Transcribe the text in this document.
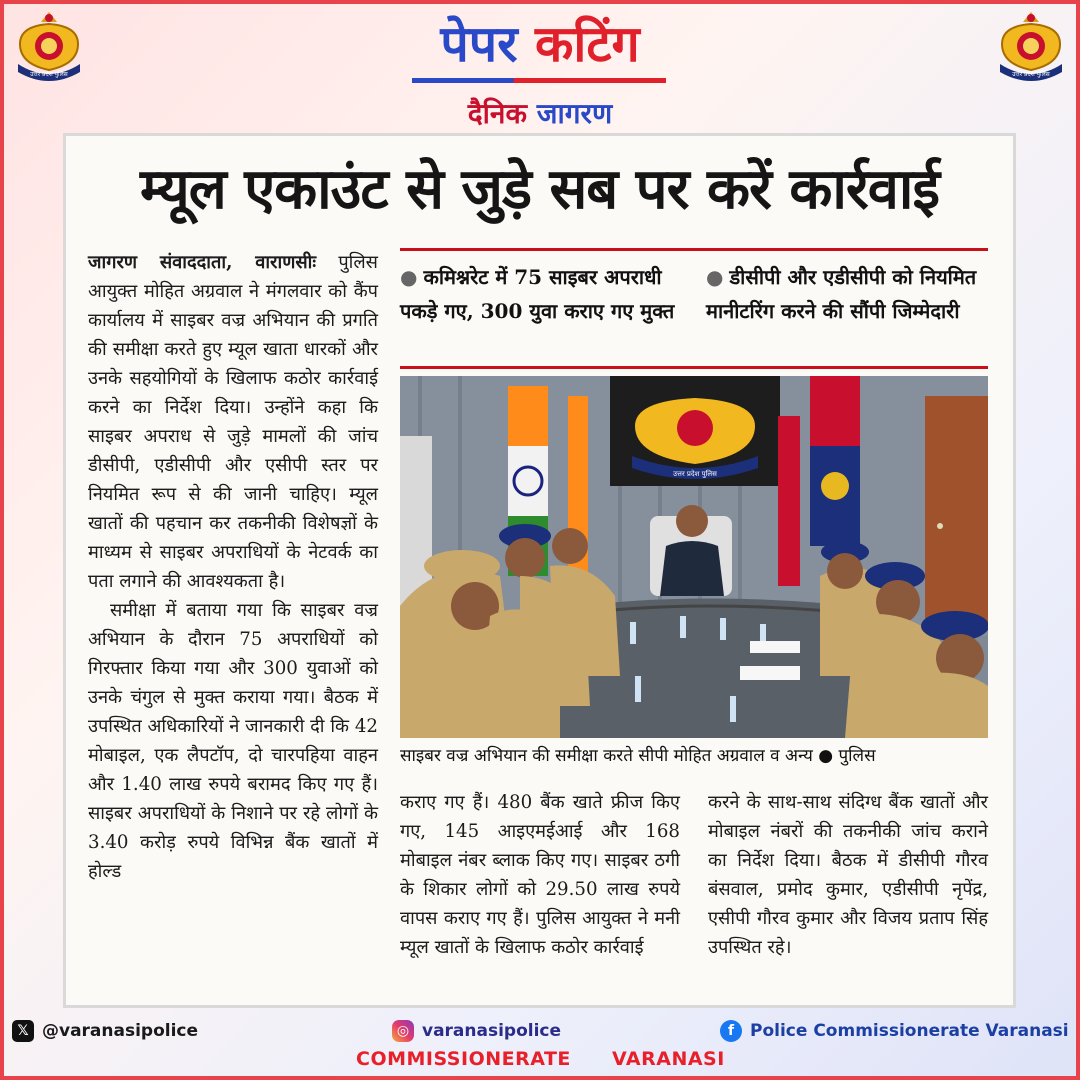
उत्तर प्रदेश पुलिस	उत्तर प्रदेश पुलिस
पेपर कटिंग
दैनिक जागरण
म्यूल एकाउंट से जुड़े सब पर करें कार्रवाई

जागरण संवाददाता, वाराणसीः पुलिस आयुक्त मोहित अग्रवाल ने मंगलवार को कैंप कार्यालय में साइबर वज्र अभियान की प्रगति की समीक्षा करते हुए म्यूल खाता धारकों और उनके सहयोगियों के खिलाफ कठोर कार्रवाई करने का निर्देश दिया। उन्होंने कहा कि साइबर अपराध से जुड़े मामलों की जांच डीसीपी, एडीसीपी और एसीपी स्तर पर नियमित रूप से की जानी चाहिए। म्यूल खातों की पहचान कर तकनीकी विशेषज्ञों के माध्यम से साइबर अपराधियों के नेटवर्क का पता लगाने की आवश्यकता है।

समीक्षा में बताया गया कि साइबर वज्र अभियान के दौरान 75 अपराधियों को गिरफ्तार किया गया और 300 युवाओं को उनके चंगुल से मुक्त कराया गया। बैठक में उपस्थित अधिकारियों ने जानकारी दी कि 42 मोबाइल, एक लैपटॉप, दो चारपहिया वाहन और 1.40 लाख रुपये बरामद किए गए हैं। साइबर अपराधियों के निशाने पर रहे लोगों के 3.40 करोड़ रुपये विभिन्न बैंक खातों में होल्ड

● कमिश्नरेट में 75 साइबर अपराधी पकड़े गए, 300 युवा कराए गए मुक्त
● डीसीपी और एडीसीपी को नियमित मानीटरिंग करने की सौंपी जिम्मेदारी
उत्तर प्रदेश पुलिस
साइबर वज्र अभियान की समीक्षा करते सीपी मोहित अग्रवाल व अन्य ● पुलिस
कराए गए हैं। 480 बैंक खाते फ्रीज किए गए, 145 आइएमईआई और 168 मोबाइल नंबर ब्लाक किए गए। साइबर ठगी के शिकार लोगों को 29.50 लाख रुपये वापस कराए गए हैं। पुलिस आयुक्त ने मनी म्यूल खातों के खिलाफ कठोर कार्रवाई
करने के साथ-साथ संदिग्ध बैंक खातों और मोबाइल नंबरों की तकनीकी जांच कराने का निर्देश दिया। बैठक में डीसीपी गौरव बंसवाल, प्रमोद कुमार, एडीसीपी नृपेंद्र, एसीपी गौरव कुमार और विजय प्रताप सिंह उपस्थित रहे।
𝕏 @varanasipolice	◎ varanasipolice	f Police Commissionerate Varanasi
COMMISSIONERATE VARANASI
